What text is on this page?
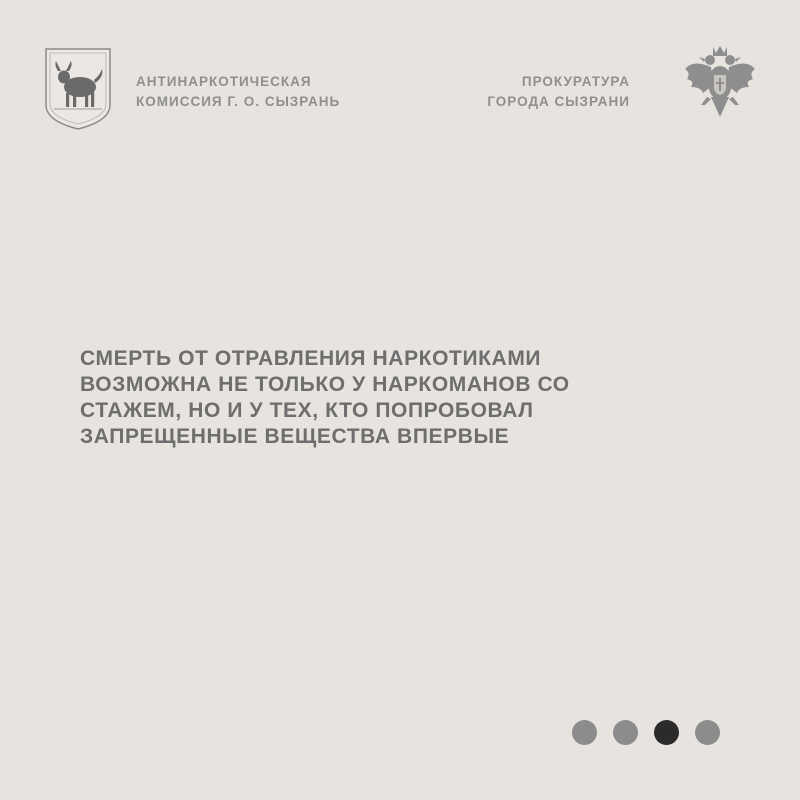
АНТИНАРКОТИЧЕСКАЯ
КОМИССИЯ Г. О. СЫЗРАНЬ
ПРОКУРАТУРА
ГОРОДА СЫЗРАНИ
СМЕРТЬ ОТ ОТРАВЛЕНИЯ НАРКОТИКАМИ
ВОЗМОЖНА НЕ ТОЛЬКО У НАРКОМАНОВ СО
СТАЖЕМ, НО И У ТЕХ, КТО ПОПРОБОВАЛ
ЗАПРЕЩЕННЫЕ ВЕЩЕСТВА ВПЕРВЫЕ
